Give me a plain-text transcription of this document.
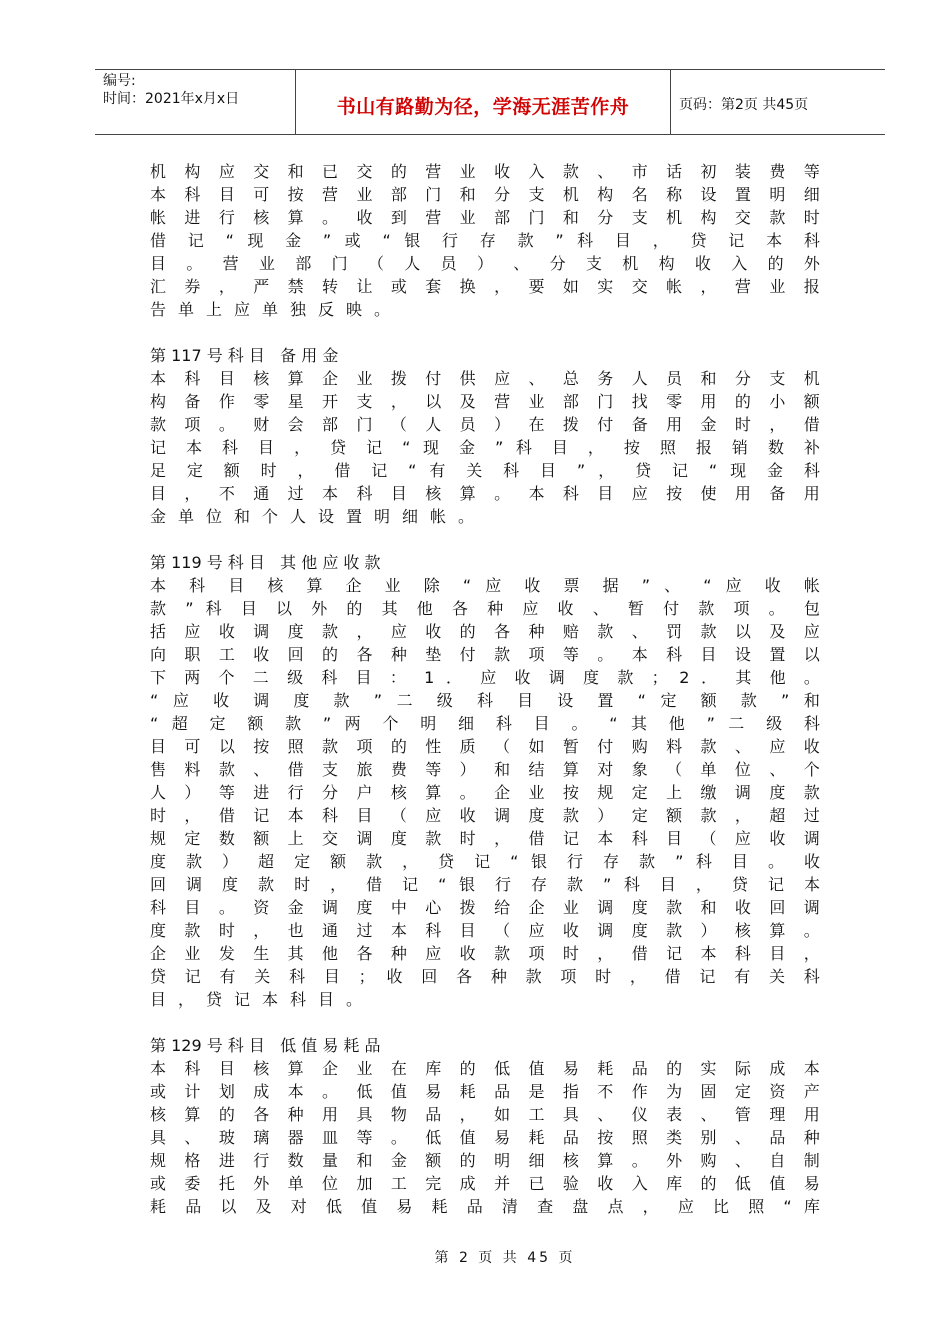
编号:
时间：2021年x月x日	书山有路勤为径，学海无涯苦作舟	页码：第2页 共45页
机 构 应 交 和 已 交 的 营 业 收 入 款 、 市 话 初 装 费 等
本 科 目 可 按 营 业 部 门 和 分 支 机 构 名 称 设 置 明 细
帐 进 行 核 算 。 收 到 营 业 部 门 和 分 支 机 构 交 款 时
借 记 “ 现 金 ” 或 “ 银 行 存 款 ” 科 目 ， 贷 记 本 科
目 。 营 业 部 门 （ 人 员 ） 、 分 支 机 构 收 入 的 外
汇 券 ， 严 禁 转 让 或 套 换 ， 要 如 实 交 帐 ， 营 业 报
告单上应单独反映。
第 117 号 科 目   备 用 金
本 科 目 核 算 企 业 拨 付 供 应 、 总 务 人 员 和 分 支 机
构 备 作 零 星 开 支 ， 以 及 营 业 部 门 找 零 用 的 小 额
款 项 。 财 会 部 门 （ 人 员 ） 在 拨 付 备 用 金 时 ， 借
记 本 科 目 ， 贷 记 “ 现 金 ” 科 目 ， 按 照 报 销 数 补
足 定 额 时 ， 借 记 “ 有 关 科 目 ” ， 贷 记 “ 现 金 科
目 ， 不 通 过 本 科 目 核 算 。 本 科 目 应 按 使 用 备 用
金单位和个人设置明细帐。
第 119 号 科 目   其 他 应 收 款
本 科 目 核 算 企 业 除 “ 应 收 票 据 ” 、 “ 应 收 帐
款 ” 科 目 以 外 的 其 他 各 种 应 收 、 暂 付 款 项 。 包
括 应 收 调 度 款 ， 应 收 的 各 种 赔 款 、 罚 款 以 及 应
向 职 工 收 回 的 各 种 垫 付 款 项 等 。 本 科 目 设 置 以
下 两 个 二 级 科 目 ： 1 ． 应 收 调 度 款 ； 2 ． 其 他 。
“ 应 收 调 度 款 ” 二 级 科 目 设 置 “ 定 额 款 ” 和
“ 超 定 额 款 ” 两 个 明 细 科 目 。 “ 其 他 ” 二 级 科
目 可 以 按 照 款 项 的 性 质 （ 如 暂 付 购 料 款 、 应 收
售 料 款 、 借 支 旅 费 等 ） 和 结 算 对 象 （ 单 位 、 个
人 ） 等 进 行 分 户 核 算 。 企 业 按 规 定 上 缴 调 度 款
时 ， 借 记 本 科 目 （ 应 收 调 度 款 ） 定 额 款 ， 超 过
规 定 数 额 上 交 调 度 款 时 ， 借 记 本 科 目 （ 应 收 调
度 款 ） 超 定 额 款 ， 贷 记 “ 银 行 存 款 ” 科 目 。 收
回 调 度 款 时 ， 借 记 “ 银 行 存 款 ” 科 目 ， 贷 记 本
科 目 。 资 金 调 度 中 心 拨 给 企 业 调 度 款 和 收 回 调
度 款 时 ， 也 通 过 本 科 目 （ 应 收 调 度 款 ） 核 算 。
企 业 发 生 其 他 各 种 应 收 款 项 时 ， 借 记 本 科 目 ，
贷 记 有 关 科 目 ； 收 回 各 种 款 项 时 ， 借 记 有 关 科
目，贷记本科目。
第 129 号 科 目   低 值 易 耗 品
本 科 目 核 算 企 业 在 库 的 低 值 易 耗 品 的 实 际 成 本
或 计 划 成 本 。 低 值 易 耗 品 是 指 不 作 为 固 定 资 产
核 算 的 各 种 用 具 物 品 ， 如 工 具 、 仪 表 、 管 理 用
具 、 玻 璃 器 皿 等 。 低 值 易 耗 品 按 照 类 别 、 品 种
规 格 进 行 数 量 和 金 额 的 明 细 核 算 。 外 购 、 自 制
或 委 托 外 单 位 加 工 完 成 并 已 验 收 入 库 的 低 值 易
耗 品 以 及 对 低 值 易 耗 品 清 查 盘 点 ， 应 比 照 “ 库
第 2 页 共 45 页
